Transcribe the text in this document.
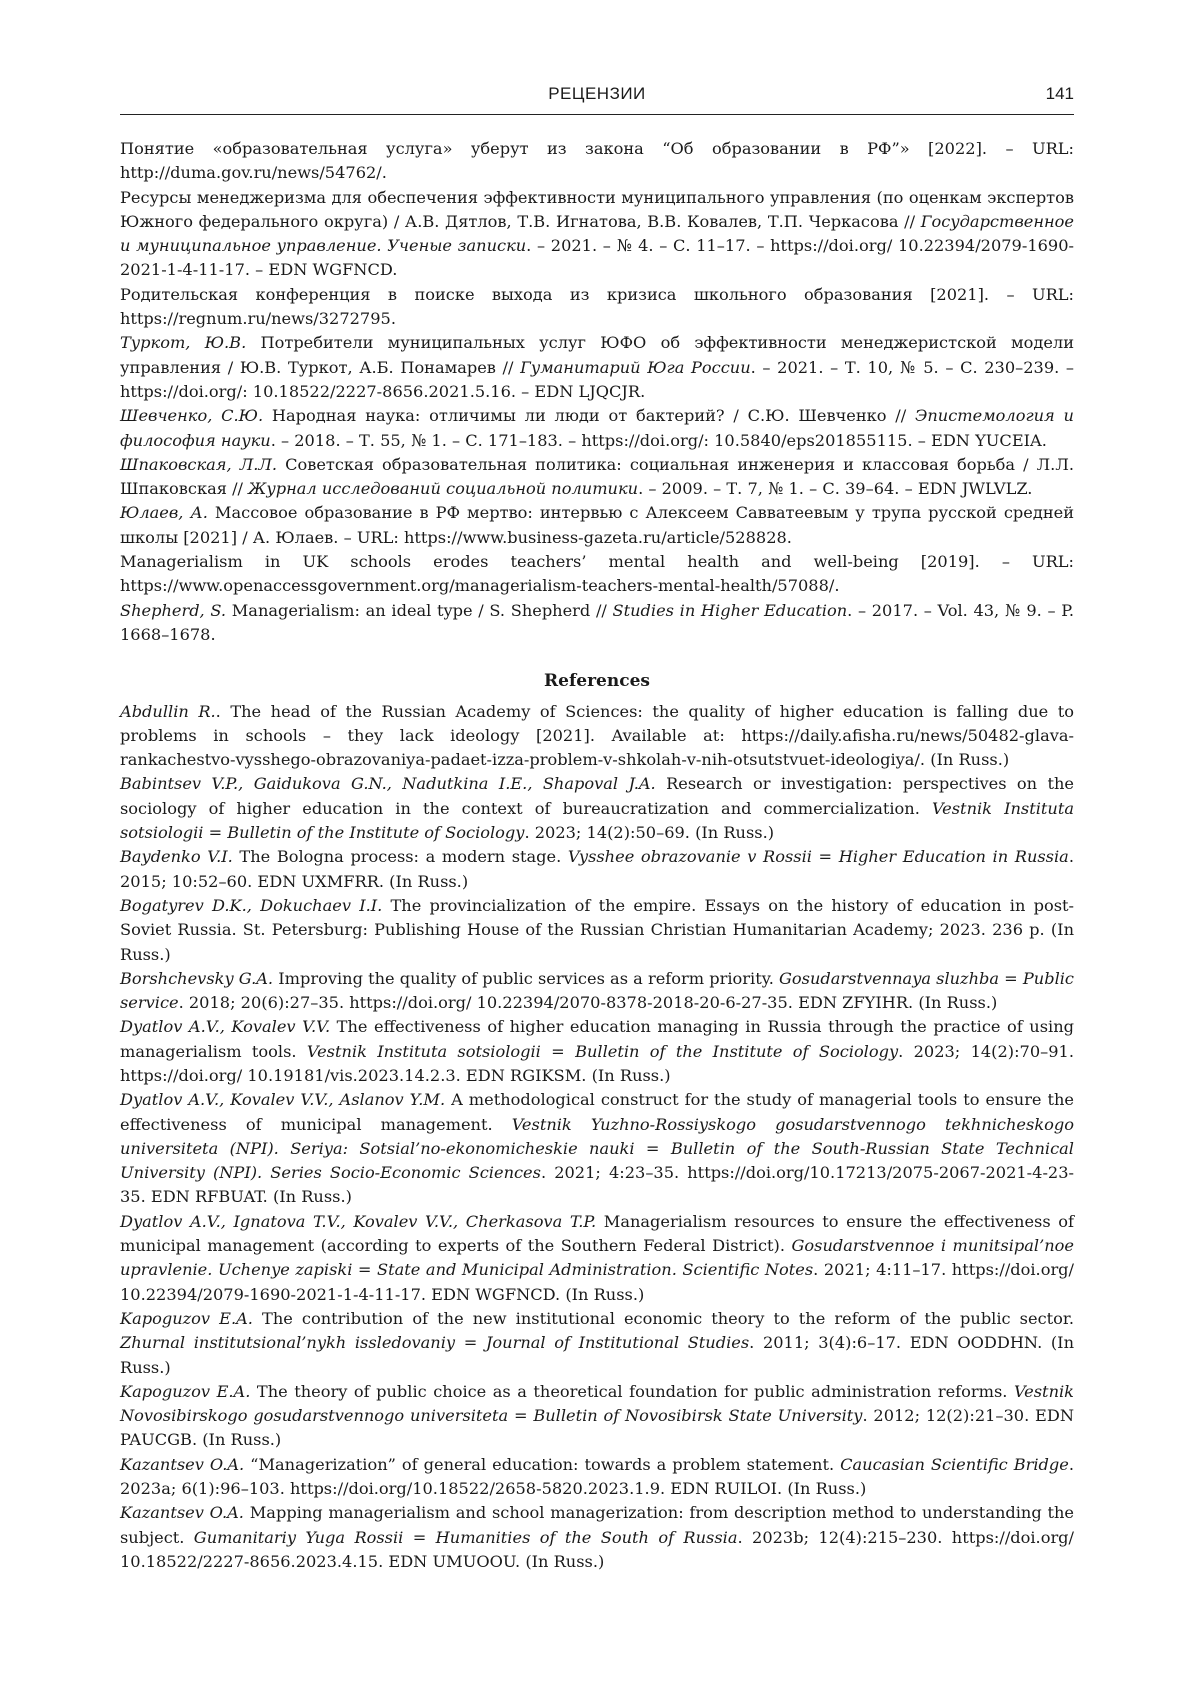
РЕЦЕНЗИИ	141

Понятие «образовательная услуга» уберут из закона “Об образовании в РФ”» [2022]. – URL: http://duma.gov.ru/news/54762/.

Ресурсы менеджеризма для обеспечения эффективности муниципального управления (по оценкам экспертов Южного федерального округа) / А.В. Дятлов, Т.В. Игнатова, В.В. Ковалев, Т.П. Черкасова // Государственное и муниципальное управление. Ученые записки. – 2021. – № 4. – С. 11–17. – https://doi.org/ 10.22394/2079-1690-2021-1-4-11-17. – EDN WGFNCD.

Родительская конференция в поиске выхода из кризиса школьного образования [2021]. – URL: https://regnum.ru/news/3272795.

Туркот, Ю.В. Потребители муниципальных услуг ЮФО об эффективности менеджеристской модели управления / Ю.В. Туркот, А.Б. Понамарев // Гуманитарий Юга России. – 2021. – Т. 10, № 5. – С. 230–239. – https://doi.org/: 10.18522/2227-8656.2021.5.16. – EDN LJQCJR.

Шевченко, С.Ю. Народная наука: отличимы ли люди от бактерий? / С.Ю. Шевченко // Эпистемология и философия науки. – 2018. – Т. 55, № 1. – С. 171–183. – https://doi.org/: 10.5840/eps201855115. – EDN YUCEIA.

Шпаковская, Л.Л. Советская образовательная политика: социальная инженерия и классовая борьба / Л.Л. Шпаковская // Журнал исследований социальной политики. – 2009. – Т. 7, № 1. – С. 39–64. – EDN JWLVLZ.

Юлаев, А. Массовое образование в РФ мертво: интервью с Алексеем Савватеевым у трупа русской средней школы [2021] / А. Юлаев. – URL: https://www.business-gazeta.ru/article/528828.

Managerialism in UK schools erodes teachers’ mental health and well-being [2019]. – URL: https://www.openaccessgovernment.org/managerialism-teachers-mental-health/57088/.

Shepherd, S. Managerialism: an ideal type / S. Shepherd // Studies in Higher Education. – 2017. – Vol. 43, № 9. – P. 1668–1678.

References

Abdullin R.. The head of the Russian Academy of Sciences: the quality of higher education is falling due to problems in schools – they lack ideology [2021]. Available at: https://daily.afisha.ru/news/50482-glava-rankachestvo-vysshego-obrazovaniya-padaet-izza-problem-v-shkolah-v-nih-otsutstvuet-ideologiya/. (In Russ.)

Babintsev V.P., Gaidukova G.N., Nadutkina I.E., Shapoval J.A. Research or investigation: perspectives on the sociology of higher education in the context of bureaucratization and commercialization. Vestnik Instituta sotsiologii = Bulletin of the Institute of Sociology. 2023; 14(2):50–69. (In Russ.)

Baydenko V.I. The Bologna process: a modern stage. Vysshee obrazovanie v Rossii = Higher Education in Russia. 2015; 10:52–60. EDN UXMFRR. (In Russ.)

Bogatyrev D.K., Dokuchaev I.I. The provincialization of the empire. Essays on the history of education in post-Soviet Russia. St. Petersburg: Publishing House of the Russian Christian Humanitarian Academy; 2023. 236 p. (In Russ.)

Borshchevsky G.A. Improving the quality of public services as a reform priority. Gosudarstvennaya sluzhba = Public service. 2018; 20(6):27–35. https://doi.org/ 10.22394/2070-8378-2018-20-6-27-35. EDN ZFYIHR. (In Russ.)

Dyatlov A.V., Kovalev V.V. The effectiveness of higher education managing in Russia through the practice of using managerialism tools. Vestnik Instituta sotsiologii = Bulletin of the Institute of Sociology. 2023; 14(2):70–91. https://doi.org/ 10.19181/vis.2023.14.2.3. EDN RGIKSM. (In Russ.)

Dyatlov A.V., Kovalev V.V., Aslanov Y.M. A methodological construct for the study of managerial tools to ensure the effectiveness of municipal management. Vestnik Yuzhno-Rossiyskogo gosudarstvennogo tekhnicheskogo universiteta (NPI). Seriya: Sotsial’no-ekonomicheskie nauki = Bulletin of the South-Russian State Technical University (NPI). Series Socio-Economic Sciences. 2021; 4:23–35. https://doi.org/10.17213/2075-2067-2021-4-23-35. EDN RFBUAT. (In Russ.)

Dyatlov A.V., Ignatova T.V., Kovalev V.V., Cherkasova T.P. Managerialism resources to ensure the effectiveness of municipal management (according to experts of the Southern Federal District). Gosudarstvennoe i munitsipal’noe upravlenie. Uchenye zapiski = State and Municipal Administration. Scientific Notes. 2021; 4:11–17. https://doi.org/ 10.22394/2079-1690-2021-1-4-11-17. EDN WGFNCD. (In Russ.)

Kapoguzov E.A. The contribution of the new institutional economic theory to the reform of the public sector. Zhurnal institutsional’nykh issledovaniy = Journal of Institutional Studies. 2011; 3(4):6–17. EDN OODDHN. (In Russ.)

Kapoguzov E.A. The theory of public choice as a theoretical foundation for public administration reforms. Vestnik Novosibirskogo gosudarstvennogo universiteta = Bulletin of Novosibirsk State University. 2012; 12(2):21–30. EDN PAUCGB. (In Russ.)

Kazantsev O.A. “Managerization” of general education: towards a problem statement. Caucasian Scientific Bridge. 2023a; 6(1):96–103. https://doi.org/10.18522/2658-5820.2023.1.9. EDN RUILOI. (In Russ.)

Kazantsev O.A. Mapping managerialism and school managerization: from description method to understanding the subject. Gumanitariy Yuga Rossii = Humanities of the South of Russia. 2023b; 12(4):215–230. https://doi.org/ 10.18522/2227-8656.2023.4.15. EDN UMUOOU. (In Russ.)
